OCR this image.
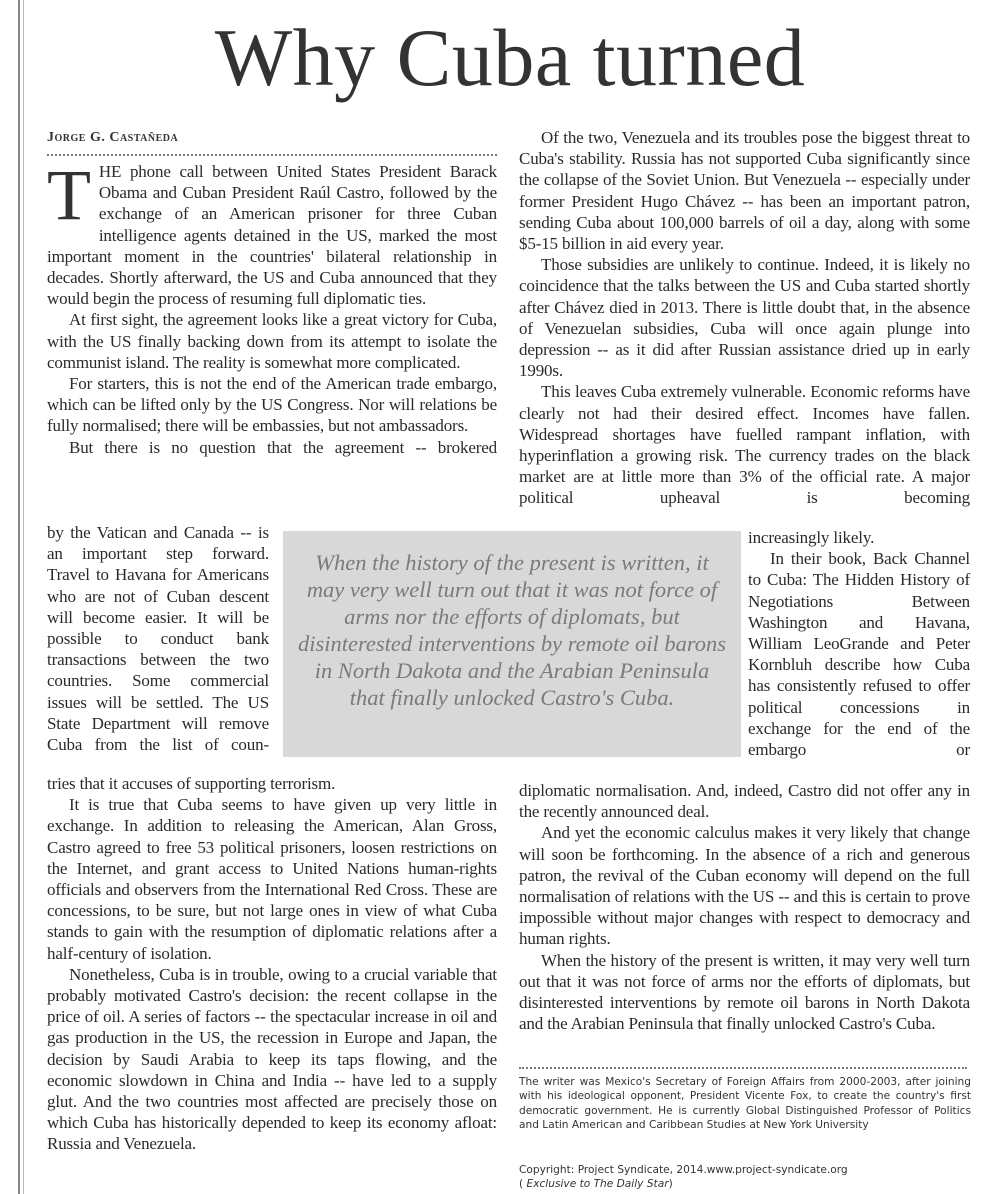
Why Cuba turned
Jorge G. Castañeda

THE phone call between United States President Barack Obama and Cuban President Raúl Castro, followed by the exchange of an American prisoner for three Cuban intelligence agents detained in the US, marked the most important moment in the countries' bilateral relationship in decades. Shortly afterward, the US and Cuba announced that they would begin the process of resuming full diplomatic ties.

At first sight, the agreement looks like a great victory for Cuba, with the US finally backing down from its attempt to isolate the communist island. The reality is somewhat more complicated.

For starters, this is not the end of the American trade embargo, which can be lifted only by the US Congress. Nor will relations be fully normalised; there will be embassies, but not ambassadors.

But there is no question that the agreement -- brokered

by the Vatican and Canada -- is an important step forward. Travel to Havana for Americans who are not of Cuban descent will become easier. It will be possible to conduct bank transactions between the two countries. Some commercial issues will be settled. The US State Department will remove Cuba from the list of coun-

tries that it accuses of supporting terrorism.

It is true that Cuba seems to have given up very little in exchange. In addition to releasing the American, Alan Gross, Castro agreed to free 53 political prisoners, loosen restrictions on the Internet, and grant access to United Nations human-rights officials and observers from the International Red Cross. These are concessions, to be sure, but not large ones in view of what Cuba stands to gain with the resumption of diplomatic relations after a half-century of isolation.

Nonetheless, Cuba is in trouble, owing to a crucial variable that probably motivated Castro's decision: the recent collapse in the price of oil. A series of factors -- the spectacular increase in oil and gas production in the US, the recession in Europe and Japan, the decision by Saudi Arabia to keep its taps flowing, and the economic slowdown in China and India -- have led to a supply glut. And the two countries most affected are precisely those on which Cuba has historically depended to keep its economy afloat: Russia and Venezuela.

When the history of the present is written, it may very well turn out that it was not force of arms nor the efforts of diplomats, but disinterested interventions by remote oil barons in North Dakota and the Arabian Peninsula that finally unlocked Castro's Cuba.

Of the two, Venezuela and its troubles pose the biggest threat to Cuba's stability. Russia has not supported Cuba significantly since the collapse of the Soviet Union. But Venezuela -- especially under former President Hugo Chávez -- has been an important patron, sending Cuba about 100,000 barrels of oil a day, along with some $5-15 billion in aid every year.

Those subsidies are unlikely to continue. Indeed, it is likely no coincidence that the talks between the US and Cuba started shortly after Chávez died in 2013. There is little doubt that, in the absence of Venezuelan subsidies, Cuba will once again plunge into depression -- as it did after Russian assistance dried up in early 1990s.

This leaves Cuba extremely vulnerable. Economic reforms have clearly not had their desired effect. Incomes have fallen. Widespread shortages have fuelled rampant inflation, with hyperinflation a growing risk. The currency trades on the black market are at little more than 3% of the official rate. A major political upheaval is becoming

increasingly likely.

In their book, Back Channel to Cuba: The Hidden History of Negotiations Between Washington and Havana, William LeoGrande and Peter Kornbluh describe how Cuba has consistently refused to offer political concessions in exchange for the end of the embargo or

diplomatic normalisation. And, indeed, Castro did not offer any in the recently announced deal.

And yet the economic calculus makes it very likely that change will soon be forthcoming. In the absence of a rich and generous patron, the revival of the Cuban economy will depend on the full normalisation of relations with the US -- and this is certain to prove impossible without major changes with respect to democracy and human rights.

When the history of the present is written, it may very well turn out that it was not force of arms nor the efforts of diplomats, but disinterested interventions by remote oil barons in North Dakota and the Arabian Peninsula that finally unlocked Castro's Cuba.

The writer was Mexico's Secretary of Foreign Affairs from 2000-2003, after joining with his ideological opponent, President Vicente Fox, to create the country's first democratic government. He is currently Global Distinguished Professor of Politics and Latin American and Caribbean Studies at New York University
Copyright: Project Syndicate, 2014.www.project-syndicate.org
( Exclusive to The Daily Star)
